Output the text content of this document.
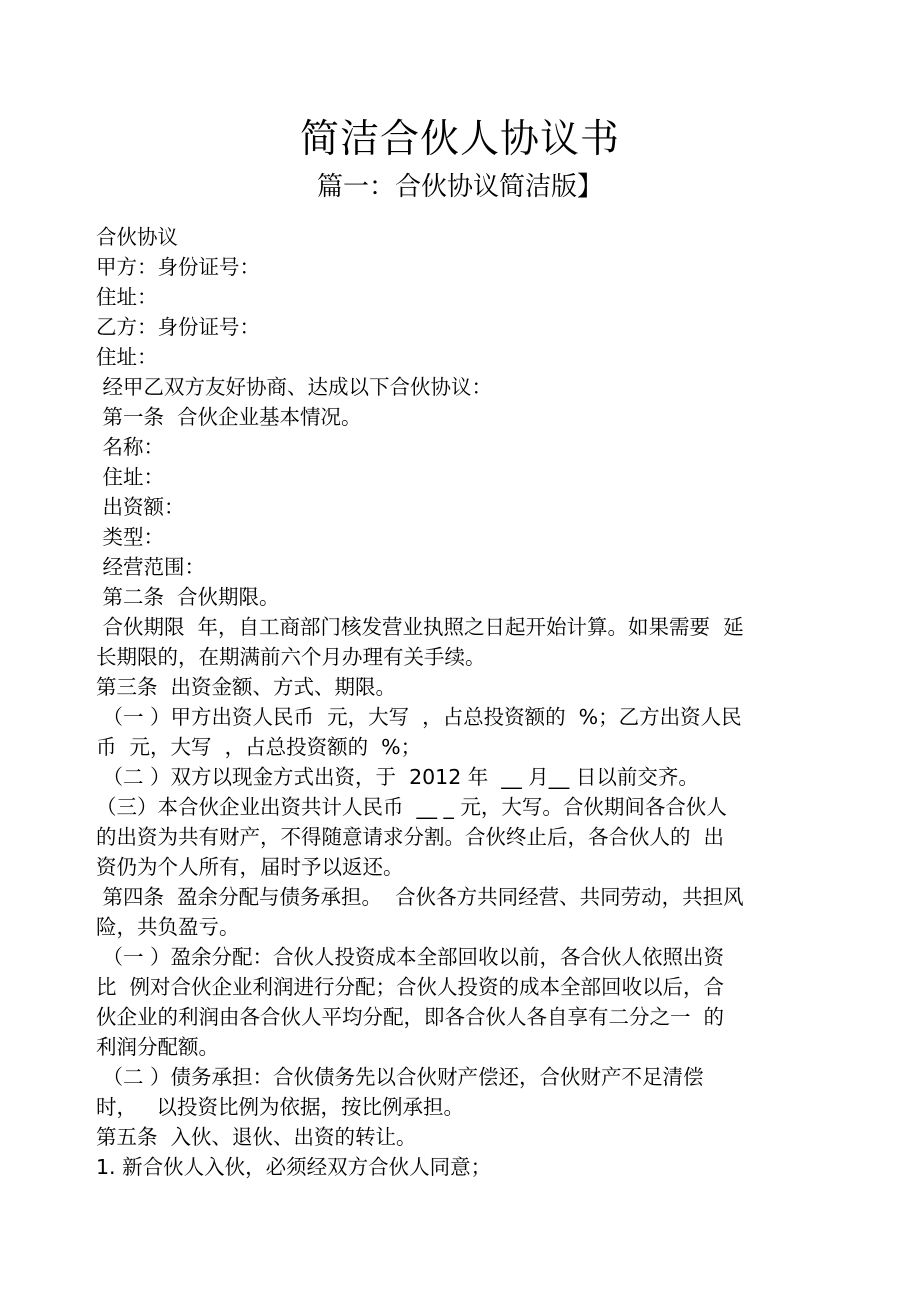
简洁合伙人协议书
篇一：合伙协议简洁版】
合伙协议
甲方：身份证号：
住址：
乙方：身份证号：
住址：
经甲乙双方友好协商、达成以下合伙协议：
第一条  合伙企业基本情况。
名称：
住址：
出资额：
类型：
经营范围：
第二条  合伙期限。
合伙期限  年，自工商部门核发营业执照之日起开始计算。如果需要  延
长期限的，在期满前六个月办理有关手续。
第三条  出资金额、方式、期限。
（一 ）甲方出资人民币  元，大写  ，占总投资额的  %；乙方出资人民
币  元，大写  ，占总投资额的  %；
（二 ）双方以现金方式出资，于  2012 年  __ 月__ 日以前交齐。
（三）本合伙企业出资共计人民币  __ _ 元，大写。合伙期间各合伙人
的出资为共有财产，不得随意请求分割。合伙终止后，各合伙人的  出
资仍为个人所有，届时予以返还。
第四条  盈余分配与债务承担。  合伙各方共同经营、共同劳动，共担风
险，共负盈亏。
（一 ）盈余分配：合伙人投资成本全部回收以前，各合伙人依照出资
比  例对合伙企业利润进行分配；合伙人投资的成本全部回收以后，合
伙企业的利润由各合伙人平均分配，即各合伙人各自享有二分之一  的
利润分配额。
（二 ）债务承担：合伙债务先以合伙财产偿还，合伙财产不足清偿
时，   以投资比例为依据，按比例承担。
第五条  入伙、退伙、出资的转让。
1. 新合伙人入伙，必须经双方合伙人同意；
